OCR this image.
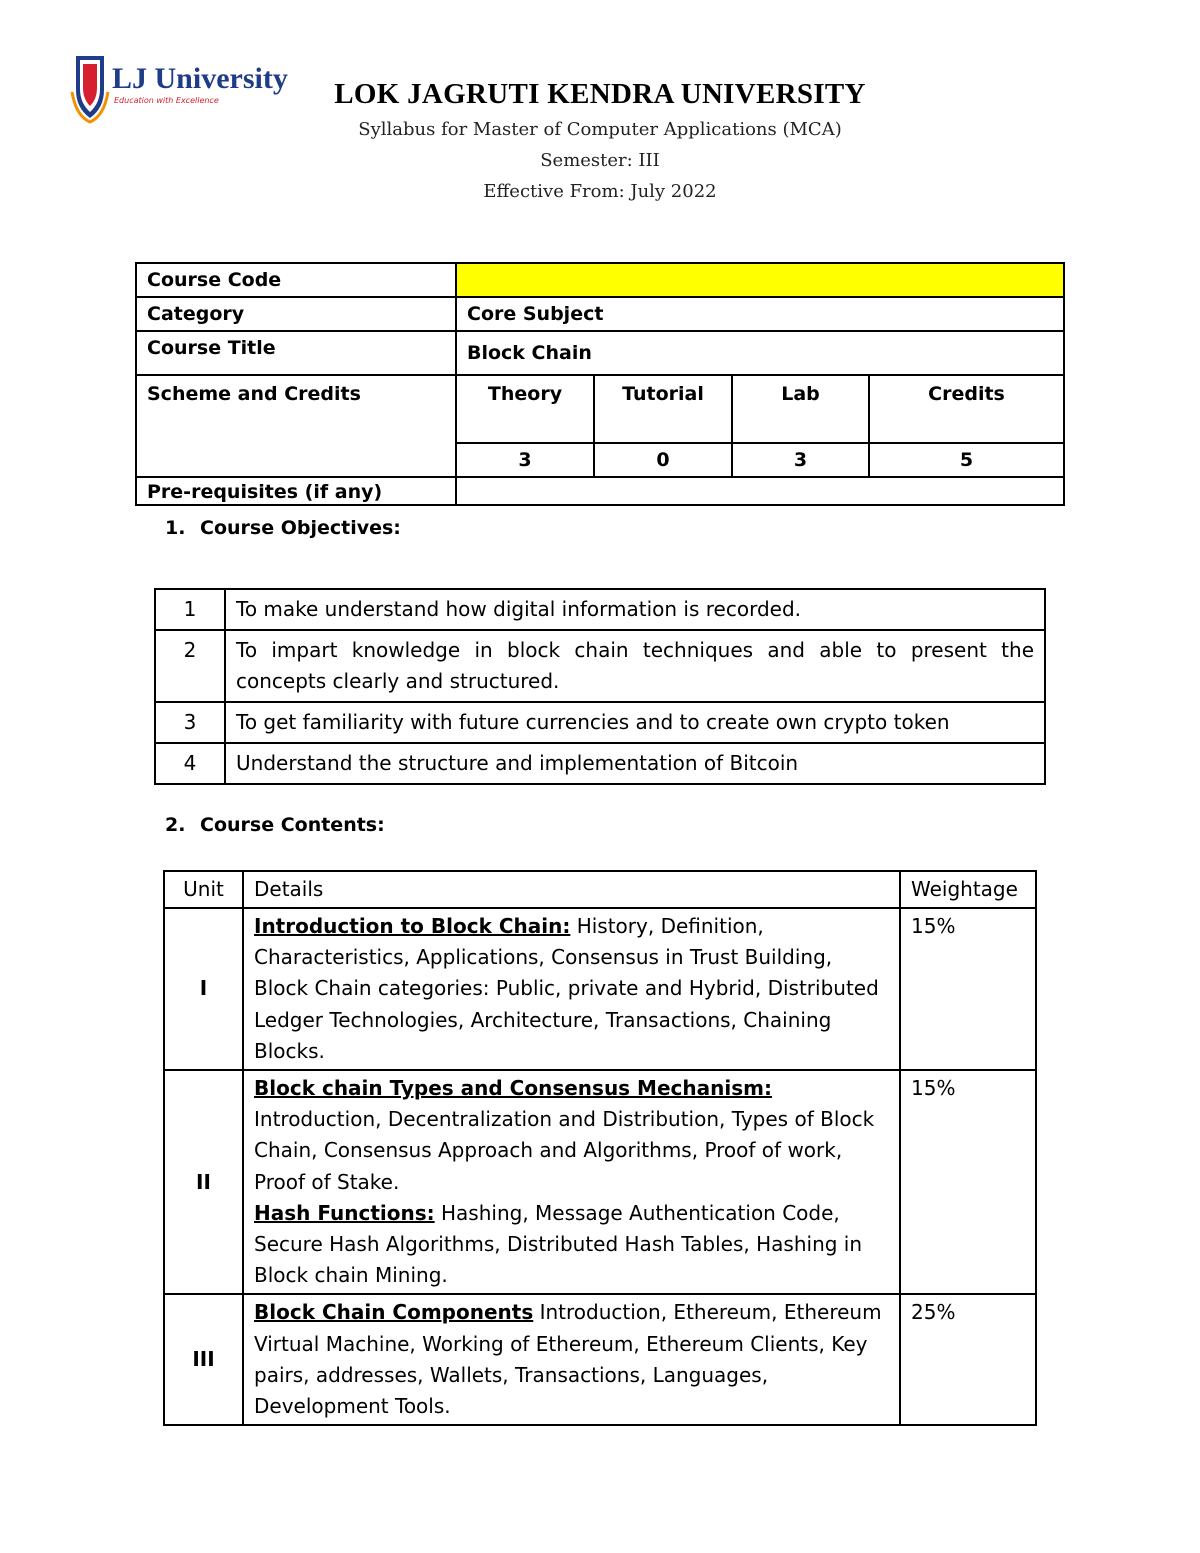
LJ University
Education with Excellence	LOK JAGRUTI KENDRA UNIVERSITY

Syllabus for Master of Computer Applications (MCA)

Semester: III

Effective From: July 2022

Course Code				
Category	Core Subject			
Course Title	Block Chain			
Scheme and Credits	Theory	Tutorial	Lab	Credits
	3	0	3	5
Pre-requisites (if any)				
1. Course Objectives:
1	To make understand how digital information is recorded.
2	To impart knowledge in block chain techniques and able to present the concepts clearly and structured.
3	To get familiarity with future currencies and to create own crypto token
4	Understand the structure and implementation of Bitcoin
2. Course Contents:
Unit	Details	Weightage
I	Introduction to Block Chain: History, Definition, Characteristics, Applications, Consensus in Trust Building, Block Chain categories: Public, private and Hybrid, Distributed Ledger Technologies, Architecture, Transactions, Chaining Blocks.	15%
II	Block chain Types and Consensus Mechanism: Introduction, Decentralization and Distribution, Types of Block Chain, Consensus Approach and Algorithms, Proof of work, Proof of Stake.
Hash Functions: Hashing, Message Authentication Code, Secure Hash Algorithms, Distributed Hash Tables, Hashing in Block chain Mining.	15%
III	Block Chain Components Introduction, Ethereum, Ethereum Virtual Machine, Working of Ethereum, Ethereum Clients, Key pairs, addresses, Wallets, Transactions, Languages, Development Tools.	25%
